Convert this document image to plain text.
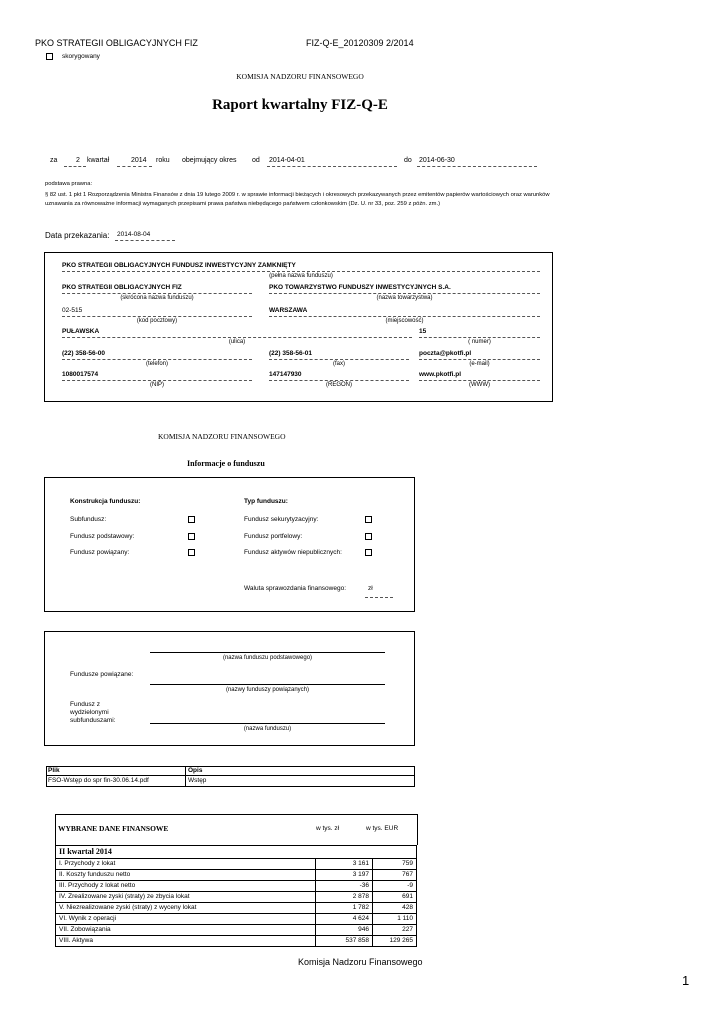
PKO STRATEGII OBLIGACYJNYCH FIZ	FIZ-Q-E_20120309 2/2014
skorygowany
KOMISJA NADZORU FINANSOWEGO
Raport kwartalny FIZ-Q-E
za	2 kwartał	2014 roku obejmujący okres od 2014-04-01	do 2014-06-30
podstawa prawna:
§ 82 ust. 1 pkt 1 Rozporządzenia Ministra Finansów z dnia 19 lutego 2009 r. w sprawie informacji bieżących i okresowych przekazywanych przez emitentów papierów wartościowych oraz warunków uznawania za równoważne informacji wymaganych przepisami prawa państwa niebędącego państwem członkowskim (Dz. U. nr 33, poz. 259 z późn. zm.)
Data przekazania: 2014-08-04
PKO STRATEGII OBLIGACYJNYCH FUNDUSZ INWESTYCYJNY ZAMKNIĘTY
(pełna nazwa funduszu)
PKO STRATEGII OBLIGACYJNYCH FIZ
(skrócona nazwa funduszu)
PKO TOWARZYSTWO FUNDUSZY INWESTYCYJNYCH S.A.
(nazwa towarzystwa)
02-515
(kod pocztowy)
WARSZAWA
(miejscowość)
PUŁAWSKA
(ulica)
15
( numer)
(22) 358-56-00
(telefon)
(22) 358-56-01
(fax)
poczta@pkotfi.pl
(e-mail)
1080017574
(NIP)
147147930
(REGON)
www.pkotfi.pl
(WWW)
KOMISJA NADZORU FINANSOWEGO
Informacje o funduszu
Konstrukcja funduszu:	Typ funduszu:
Subfundusz:
Fundusz podstawowy:
Fundusz powiązany:
Fundusz sekurytyzacyjny:
Fundusz portfelowy:
Fundusz aktywów niepublicznych:
Waluta sprawozdania finansowego:	zł
(nazwa funduszu podstawowego)
Fundusze powiązane:
(nazwy funduszy powiązanych)
Fundusz z
wydzielonymi
subfunduszami:
(nazwa funduszu)
Plik	Opis
FSO-Wstęp do spr fin-30.06.14.pdf	Wstęp
WYBRANE DANE FINANSOWE	w tys. zł	w tys. EUR
II kwartał 2014		
I. Przychody z lokat	3 161	759
II. Koszty funduszu netto	3 197	767
III. Przychody z lokat netto	-36	-9
IV. Zrealizowane zyski (straty) ze zbycia lokat	2 878	691
V. Niezrealizowane zyski (straty) z wyceny lokat	1 782	428
VI. Wynik z operacji	4 624	1 110
VII. Zobowiązania	946	227
VIII. Aktywa	537 858	129 265
Komisja Nadzoru Finansowego
1
